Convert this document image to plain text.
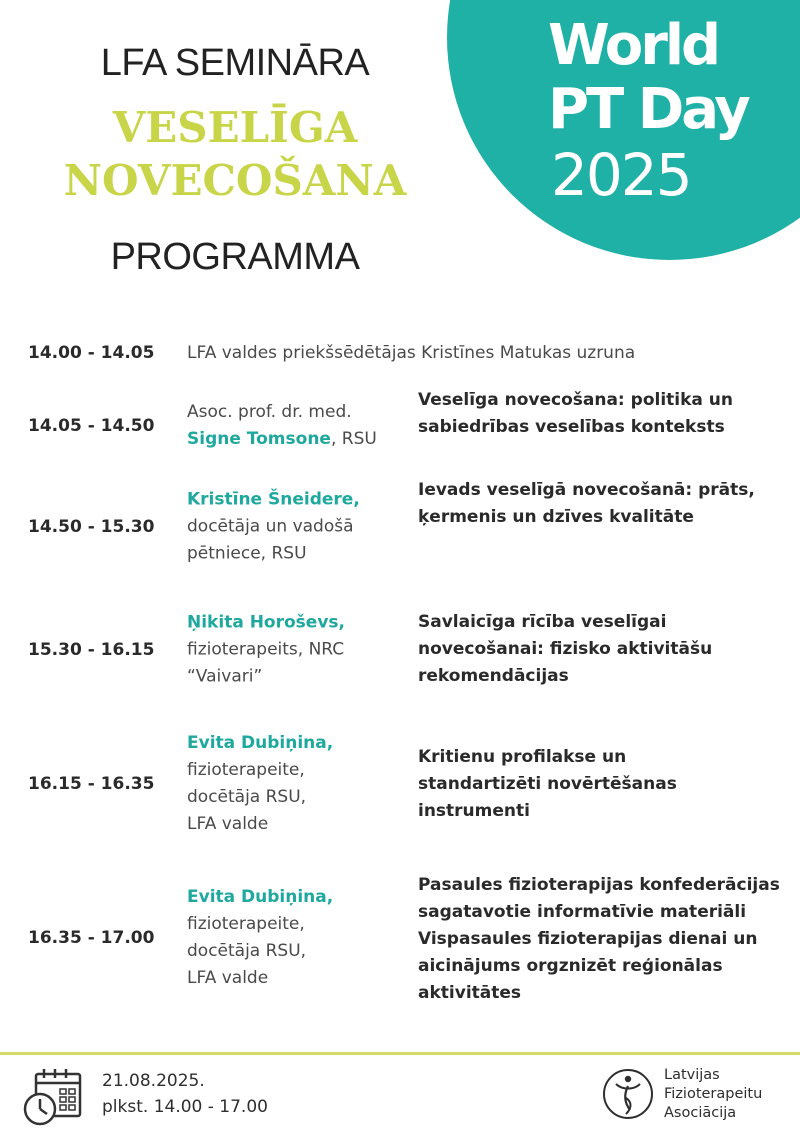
World
PT Day
2025
LFA SEMINĀRA
VESELĪGA
NOVECOŠANA
PROGRAMMA
14.00 - 14.05	LFA valdes priekšsēdētājas Kristīnes Matukas uzruna
14.05 - 14.50
Asoc. prof. dr. med.
Signe Tomsone, RSU
Veselīga novecošana: politika un sabiedrības veselības konteksts
14.50 - 15.30
Kristīne Šneidere,
docētāja un vadošā pētniece, RSU
Ievads veselīgā novecošanā: prāts, ķermenis un dzīves kvalitāte
15.30 - 16.15
Ņikita Horoševs,
fizioterapeits, NRC “Vaivari”
Savlaicīga rīcība veselīgai novecošanai: fizisko aktivitāšu rekomendācijas
16.15 - 16.35
Evita Dubiņina,
fizioterapeite, docētāja RSU, LFA valde
Kritienu profilakse un standartizēti novērtēšanas instrumenti
16.35 - 17.00
Evita Dubiņina,
fizioterapeite, docētāja RSU, LFA valde
Pasaules fizioterapijas konfederācijas sagatavotie informatīvie materiāli Vispasaules fizioterapijas dienai un aicinājums orgznizēt reģionālas aktivitātes
21.08.2025.
plkst. 14.00 - 17.00
Latvijas
Fizioterapeitu
Asociācija
